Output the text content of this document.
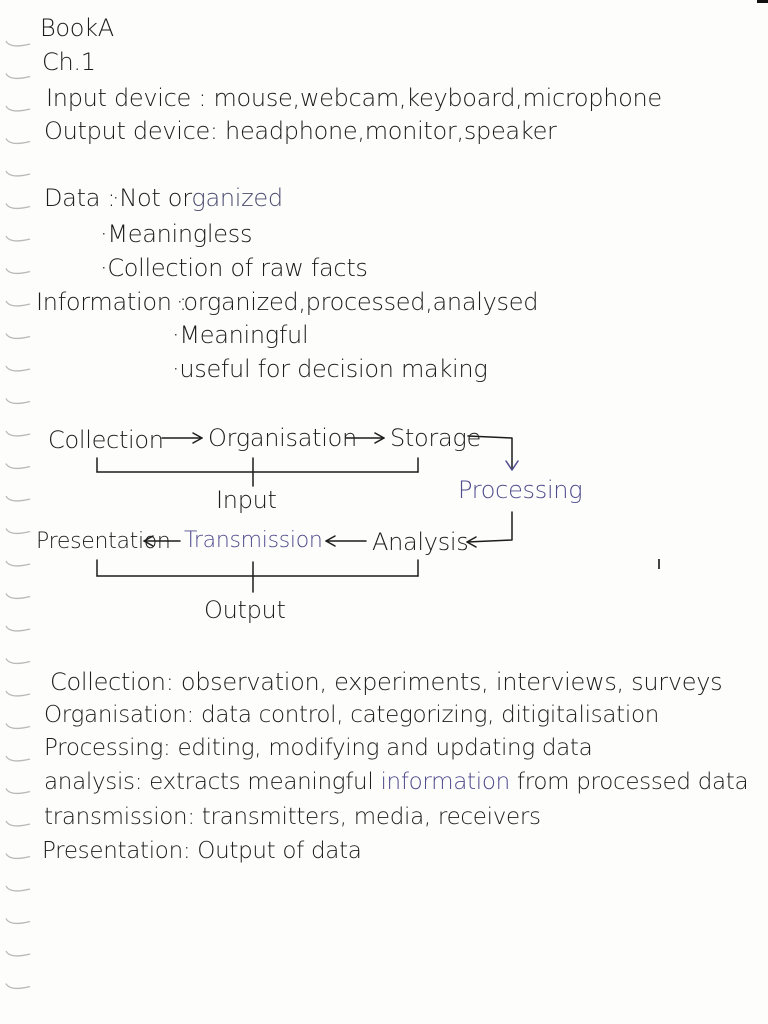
BookA
Ch.1
Input device : mouse,webcam,keyboard,microphone
Output device: headphone,monitor,speaker
Data :
·Not organized
·Meaningless
·Collection of raw facts
Information :
·organized,processed,analysed
·Meaningful
·useful for decision making
Collection Organisation Storage
Input	Processing
Analysis
Transmission
Presentation
Output
Collection: observation, experiments, interviews, surveys
Organisation: data control, categorizing, ditigitalisation
Processing: editing, modifying and updating data
analysis: extracts meaningful information from processed data
transmission: transmitters, media, receivers
Presentation: Output of data
